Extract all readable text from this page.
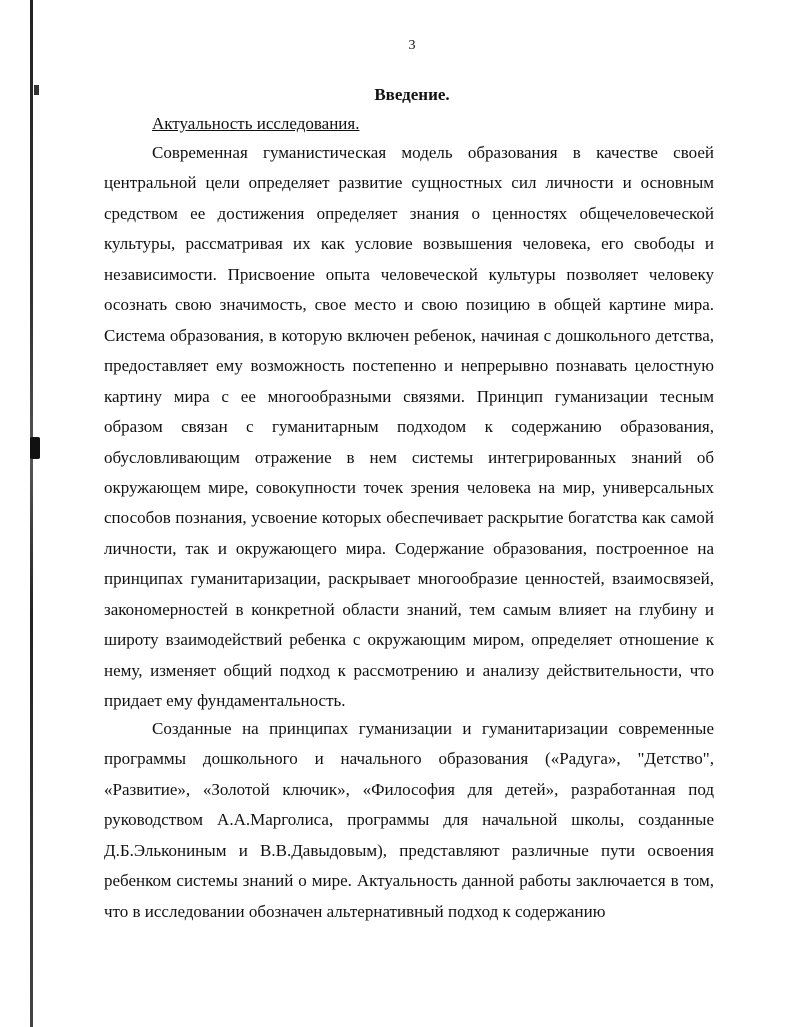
3
Введение.
Актуальность исследования.

Современная гуманистическая модель образования в качестве своей центральной цели определяет развитие сущностных сил личности и основным средством ее достижения определяет знания о ценностях общечеловеческой культуры, рассматривая их как условие возвышения человека, его свободы и независимости. Присвоение опыта человеческой культуры позволяет человеку осознать свою значимость, свое место и свою позицию в общей картине мира. Система образования, в которую включен ребенок, начиная с дошкольного детства, предоставляет ему возможность постепенно и непрерывно познавать целостную картину мира с ее многообразными связями. Принцип гуманизации тесным образом связан с гуманитарным подходом к содержанию образования, обусловливающим отражение в нем системы интегрированных знаний об окружающем мире, совокупности точек зрения человека на мир, универсальных способов познания, усвоение которых обеспечивает раскрытие богатства как самой личности, так и окружающего мира. Содержание образования, построенное на принципах гуманитаризации, раскрывает многообразие ценностей, взаимосвязей, закономерностей в конкретной области знаний, тем самым влияет на глубину и широту взаимодействий ребенка с окружающим миром, определяет отношение к нему, изменяет общий подход к рассмотрению и анализу действительности, что придает ему фундаментальность.

Созданные на принципах гуманизации и гуманитаризации современные программы дошкольного и начального образования («Радуга», "Детство", «Развитие», «Золотой ключик», «Философия для детей», разработанная под руководством А.А.Марголиса, программы для начальной школы, созданные Д.Б.Элькониным и В.В.Давыдовым), представляют различные пути освоения ребенком системы знаний о мире. Актуальность данной работы заключается в том, что в исследовании обозначен альтернативный подход к содержанию
